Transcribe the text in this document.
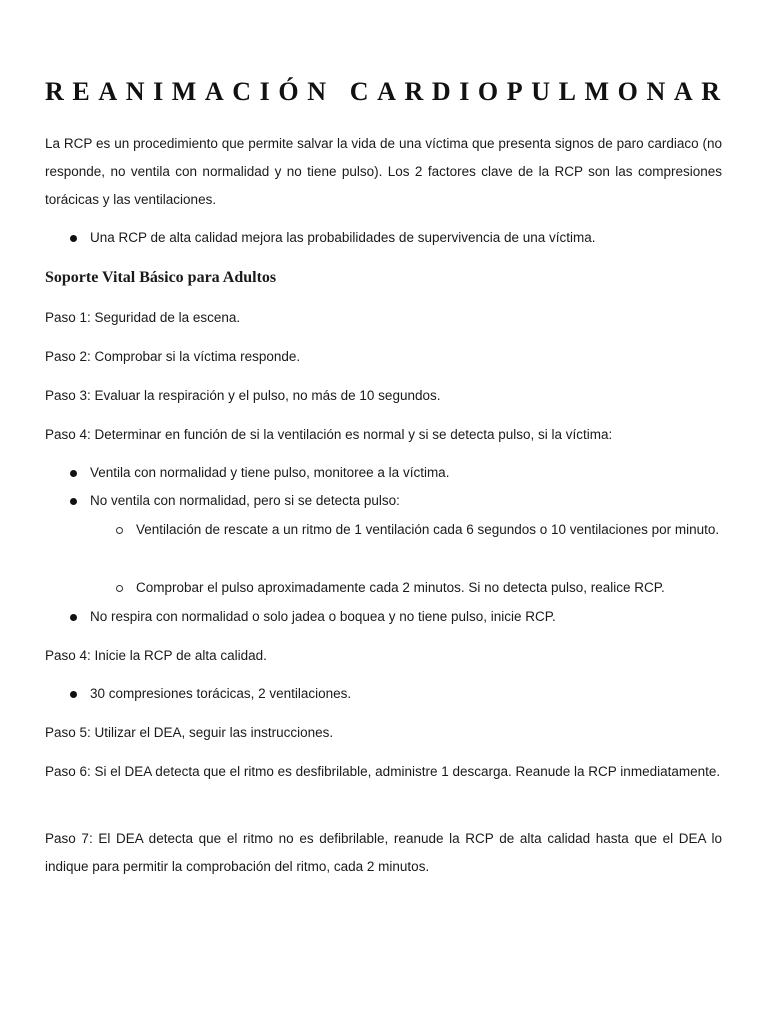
REANIMACIÓN CARDIOPULMONAR

La RCP es un procedimiento que permite salvar la vida de una víctima que presenta signos de paro cardiaco (no responde, no ventila con normalidad y no tiene pulso). Los 2 factores clave de la RCP son las compresiones torácicas y las ventilaciones.

Una RCP de alta calidad mejora las probabilidades de supervivencia de una víctima.
Soporte Vital Básico para Adultos

Paso 1: Seguridad de la escena.

Paso 2: Comprobar si la víctima responde.

Paso 3: Evaluar la respiración y el pulso, no más de 10 segundos.

Paso 4: Determinar en función de si la ventilación es normal y si se detecta pulso, si la víctima:

Ventila con normalidad y tiene pulso, monitoree a la víctima.
No ventila con normalidad, pero si se detecta pulso:

Ventilación de rescate a un ritmo de 1 ventilación cada 6 segundos o 10 ventilaciones por minuto.

Comprobar el pulso aproximadamente cada 2 minutos. Si no detecta pulso, realice RCP.
No respira con normalidad o solo jadea o boquea y no tiene pulso, inicie RCP.

Paso 4: Inicie la RCP de alta calidad.

30 compresiones torácicas, 2 ventilaciones.

Paso 5: Utilizar el DEA, seguir las instrucciones.

Paso 6: Si el DEA detecta que el ritmo es desfibrilable, administre 1 descarga. Reanude la RCP inmediatamente.

Paso 7: El DEA detecta que el ritmo no es defibrilable, reanude la RCP de alta calidad hasta que el DEA lo indique para permitir la comprobación del ritmo, cada 2 minutos.
